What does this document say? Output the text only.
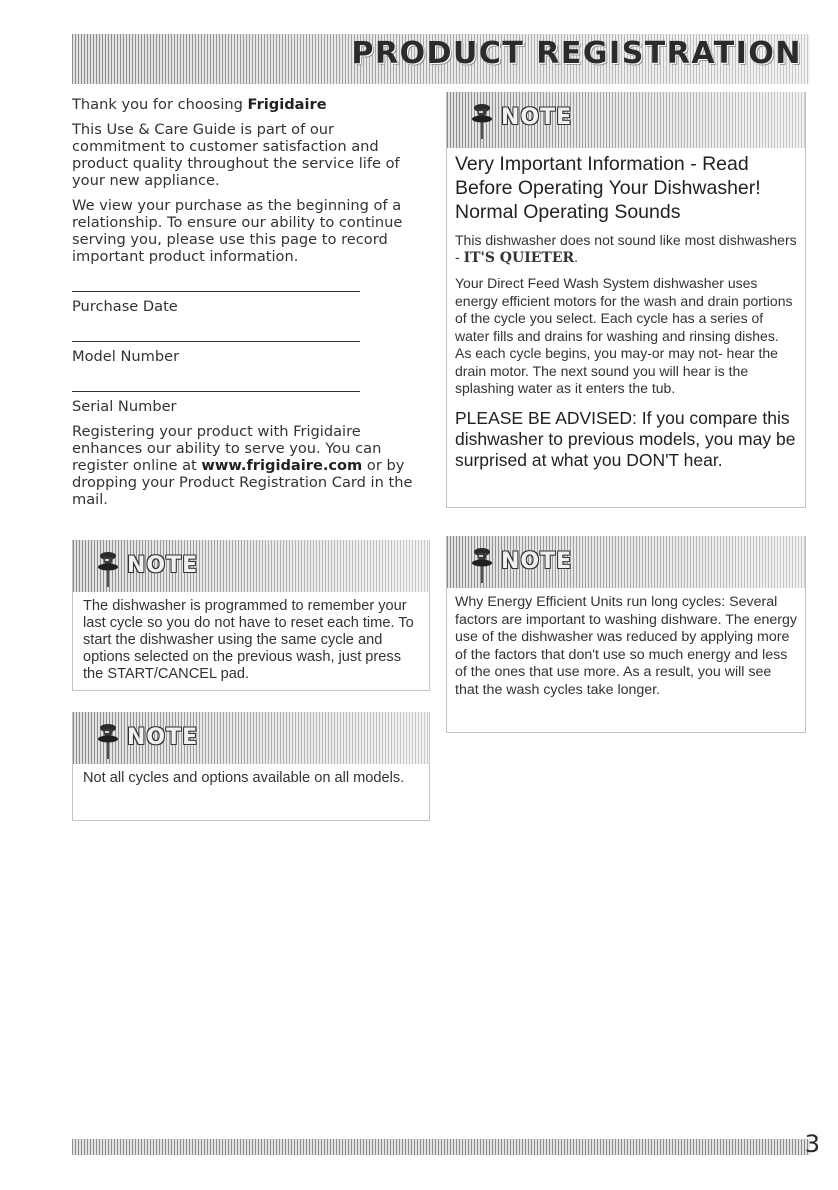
PRODUCT REGISTRATION

Thank you for choosing Frigidaire

This Use & Care Guide is part of our commitment to customer satisfaction and product quality throughout the service life of your new appliance.

We view your purchase as the beginning of a relationship. To ensure our ability to continue serving you, please use this page to record important product information.

Purchase Date

Model Number

Serial Number

Registering your product with Frigidaire enhances our ability to serve you. You can register online at www.frigidaire.com or by dropping your Product Registration Card in the mail.

NOTE

Very Important Information - Read Before Operating Your Dishwasher! Normal Operating Sounds

This dishwasher does not sound like most dishwashers - IT'S QUIETER.

Your Direct Feed Wash System dishwasher uses energy efficient motors for the wash and drain portions of the cycle you select. Each cycle has a series of water fills and drains for washing and rinsing dishes. As each cycle begins, you may-or may not- hear the drain motor. The next sound you will hear is the splashing water as it enters the tub.

PLEASE BE ADVISED: If you compare this dishwasher to previous models, you may be surprised at what you DON'T hear.

NOTE

The dishwasher is programmed to remember your last cycle so you do not have to reset each time. To start the dishwasher using the same cycle and options selected on the previous wash, just press the START/CANCEL pad.

NOTE

Why Energy Efficient Units run long cycles: Several factors are important to washing dishware. The energy use of the dishwasher was reduced by applying more of the factors that don't use so much energy and less of the ones that use more. As a result, you will see that the wash cycles take longer.

NOTE

Not all cycles and options available on all models.

3
